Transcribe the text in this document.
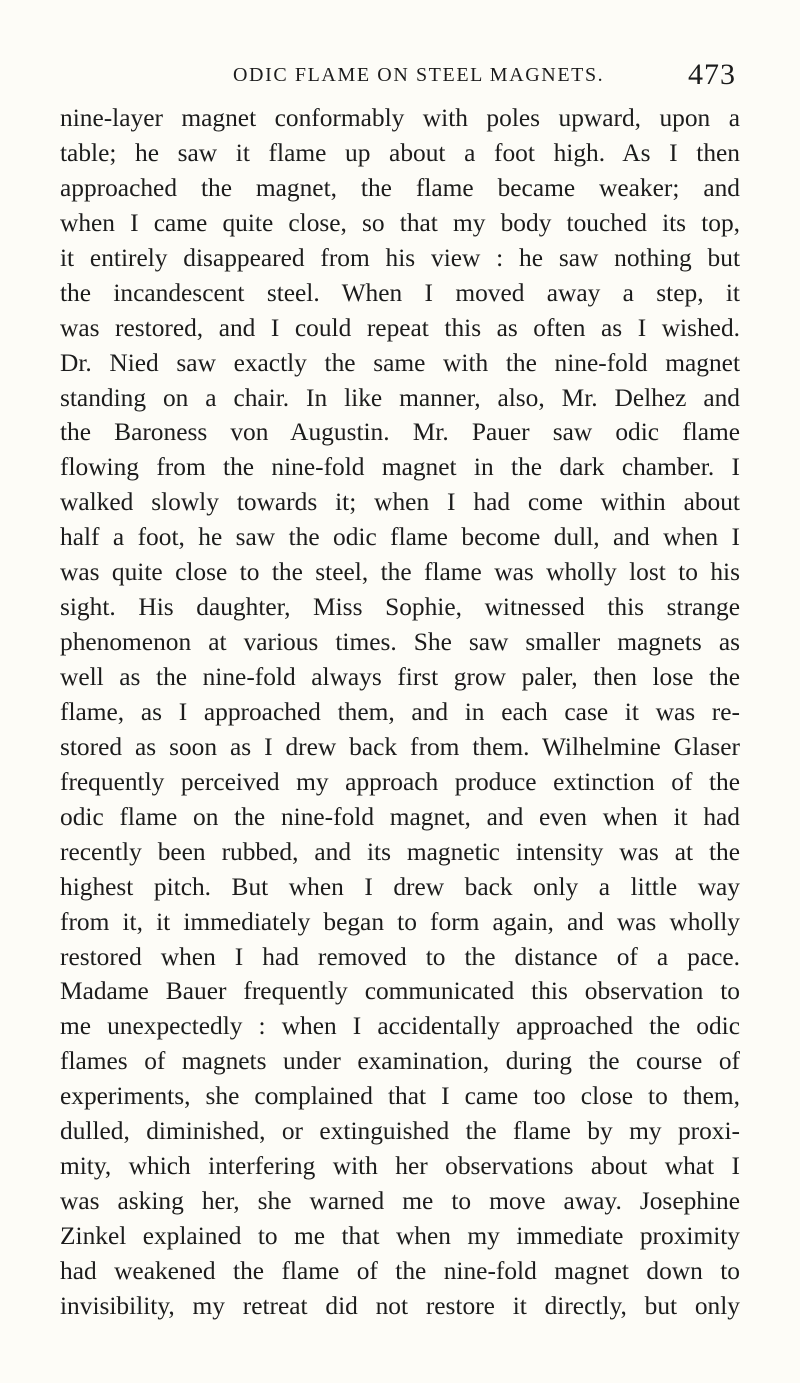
ODIC FLAME ON STEEL MAGNETS.	473
nine-layer magnet conformably with poles upward, upon a
table; he saw it flame up about a foot high. As I then
approached the magnet, the flame became weaker; and
when I came quite close, so that my body touched its top,
it entirely disappeared from his view : he saw nothing but
the incandescent steel. When I moved away a step, it
was restored, and I could repeat this as often as I wished.
Dr. Nied saw exactly the same with the nine-fold magnet
standing on a chair. In like manner, also, Mr. Delhez and
the Baroness von Augustin. Mr. Pauer saw odic flame
flowing from the nine-fold magnet in the dark chamber. I
walked slowly towards it; when I had come within about
half a foot, he saw the odic flame become dull, and when I
was quite close to the steel, the flame was wholly lost to his
sight. His daughter, Miss Sophie, witnessed this strange
phenomenon at various times. She saw smaller magnets as
well as the nine-fold always first grow paler, then lose the
flame, as I approached them, and in each case it was re-
stored as soon as I drew back from them. Wilhelmine Glaser
frequently perceived my approach produce extinction of the
odic flame on the nine-fold magnet, and even when it had
recently been rubbed, and its magnetic intensity was at the
highest pitch. But when I drew back only a little way
from it, it immediately began to form again, and was wholly
restored when I had removed to the distance of a pace.
Madame Bauer frequently communicated this observation to
me unexpectedly : when I accidentally approached the odic
flames of magnets under examination, during the course of
experiments, she complained that I came too close to them,
dulled, diminished, or extinguished the flame by my proxi-
mity, which interfering with her observations about what I
was asking her, she warned me to move away. Josephine
Zinkel explained to me that when my immediate proximity
had weakened the flame of the nine-fold magnet down to
invisibility, my retreat did not restore it directly, but only
